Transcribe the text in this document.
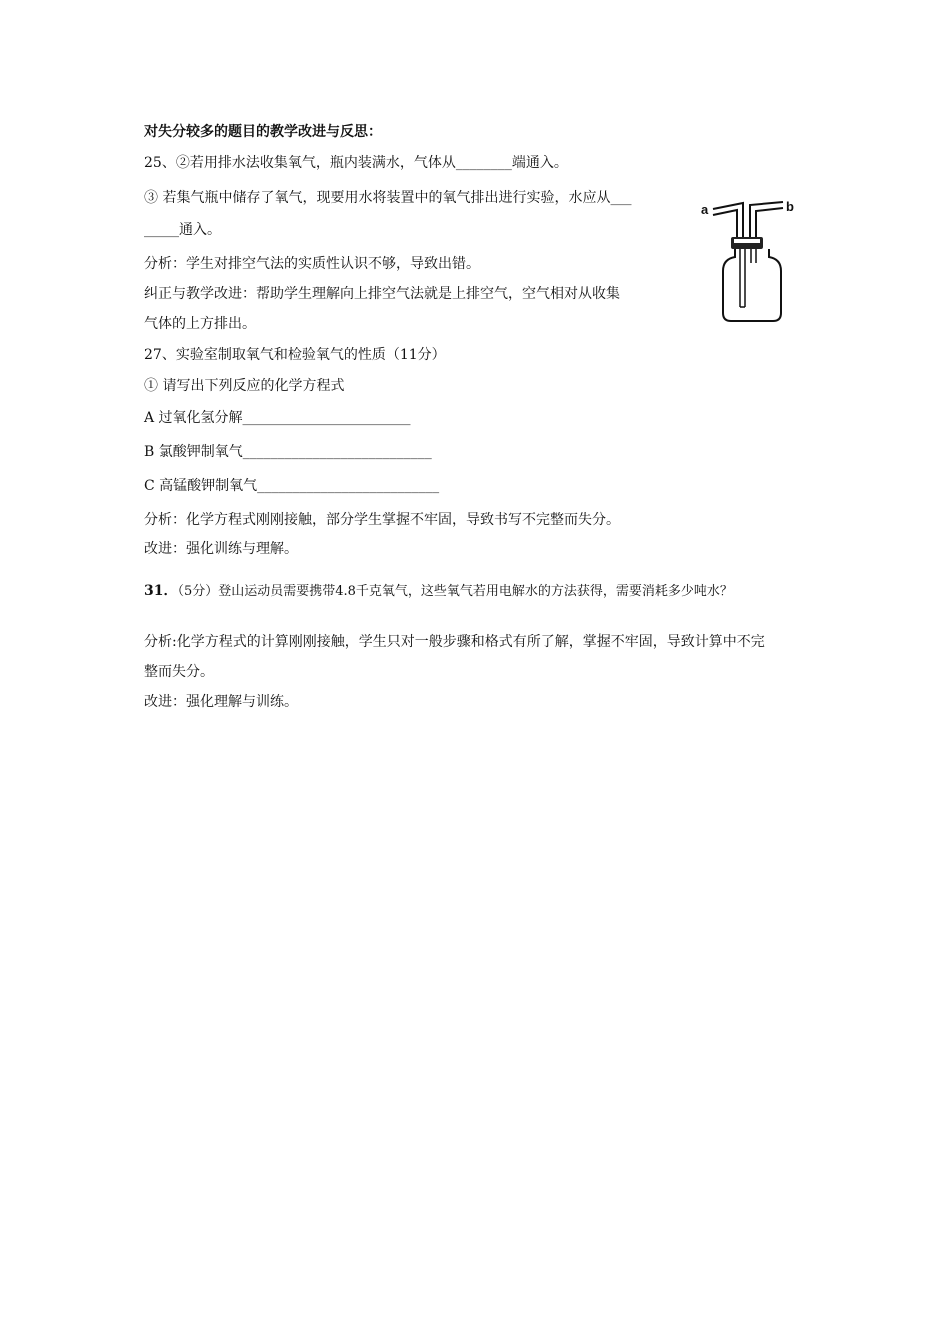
对失分较多的题目的教学改进与反思：
25、②若用排水法收集氧气，瓶内装满水，气体从________端通入。
③ 若集气瓶中储存了氧气，现要用水将装置中的氧气排出进行实验，水应从___
_____通入。
分析：学生对排空气法的实质性认识不够，导致出错。
纠正与教学改进：帮助学生理解向上排空气法就是上排空气，空气相对从收集
气体的上方排出。
a	b
27、实验室制取氧气和检验氧气的性质（11分）
① 请写出下列反应的化学方程式
A 过氧化氢分解________________________
B 氯酸钾制氧气___________________________
C 高锰酸钾制氧气__________________________
分析：化学方程式刚刚接触，部分学生掌握不牢固，导致书写不完整而失分。
改进：强化训练与理解。
31．（5分）登山运动员需要携带4.8千克氧气，这些氧气若用电解水的方法获得，需要消耗多少吨水？
分析:化学方程式的计算刚刚接触，学生只对一般步骤和格式有所了解，掌握不牢固，导致计算中不完
整而失分。
改进：强化理解与训练。
